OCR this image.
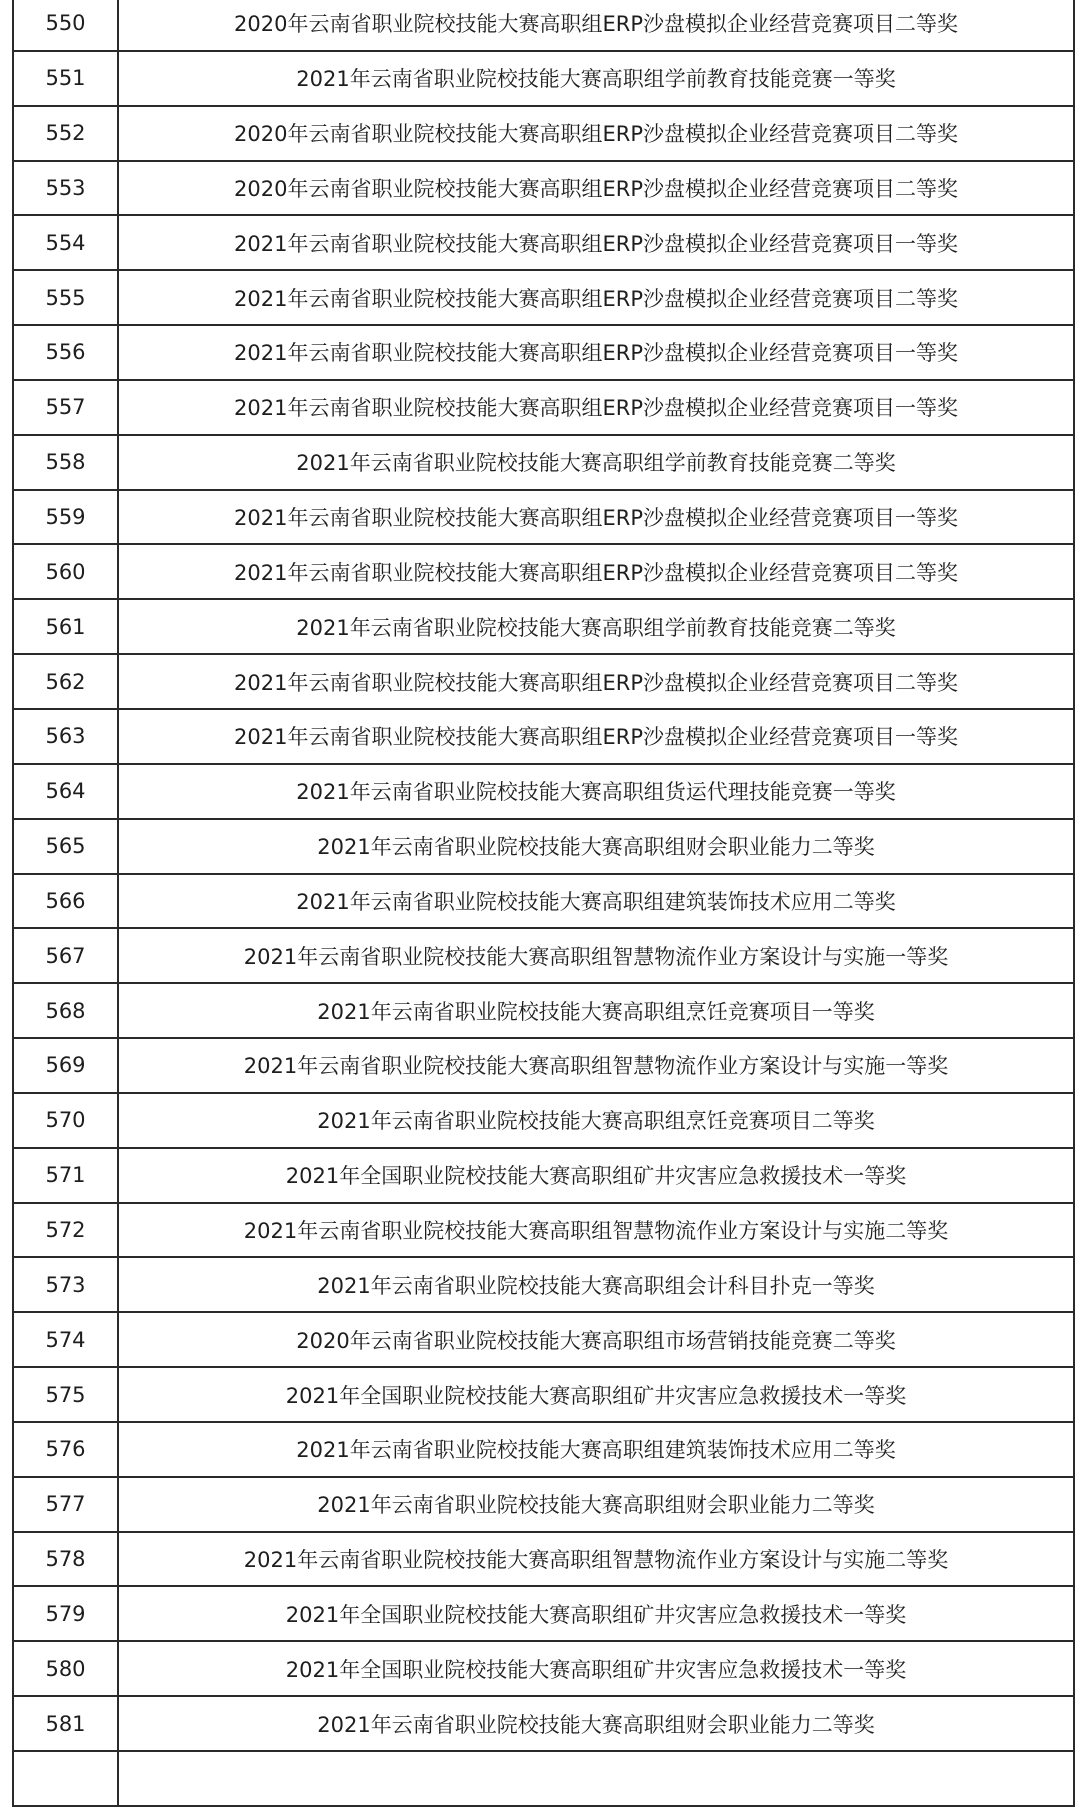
550	2020年云南省职业院校技能大赛高职组ERP沙盘模拟企业经营竞赛项目二等奖
551	2021年云南省职业院校技能大赛高职组学前教育技能竞赛一等奖
552	2020年云南省职业院校技能大赛高职组ERP沙盘模拟企业经营竞赛项目二等奖
553	2020年云南省职业院校技能大赛高职组ERP沙盘模拟企业经营竞赛项目二等奖
554	2021年云南省职业院校技能大赛高职组ERP沙盘模拟企业经营竞赛项目一等奖
555	2021年云南省职业院校技能大赛高职组ERP沙盘模拟企业经营竞赛项目二等奖
556	2021年云南省职业院校技能大赛高职组ERP沙盘模拟企业经营竞赛项目一等奖
557	2021年云南省职业院校技能大赛高职组ERP沙盘模拟企业经营竞赛项目一等奖
558	2021年云南省职业院校技能大赛高职组学前教育技能竞赛二等奖
559	2021年云南省职业院校技能大赛高职组ERP沙盘模拟企业经营竞赛项目一等奖
560	2021年云南省职业院校技能大赛高职组ERP沙盘模拟企业经营竞赛项目二等奖
561	2021年云南省职业院校技能大赛高职组学前教育技能竞赛二等奖
562	2021年云南省职业院校技能大赛高职组ERP沙盘模拟企业经营竞赛项目二等奖
563	2021年云南省职业院校技能大赛高职组ERP沙盘模拟企业经营竞赛项目一等奖
564	2021年云南省职业院校技能大赛高职组货运代理技能竞赛一等奖
565	2021年云南省职业院校技能大赛高职组财会职业能力二等奖
566	2021年云南省职业院校技能大赛高职组建筑装饰技术应用二等奖
567	2021年云南省职业院校技能大赛高职组智慧物流作业方案设计与实施一等奖
568	2021年云南省职业院校技能大赛高职组烹饪竞赛项目一等奖
569	2021年云南省职业院校技能大赛高职组智慧物流作业方案设计与实施一等奖
570	2021年云南省职业院校技能大赛高职组烹饪竞赛项目二等奖
571	2021年全国职业院校技能大赛高职组矿井灾害应急救援技术一等奖
572	2021年云南省职业院校技能大赛高职组智慧物流作业方案设计与实施二等奖
573	2021年云南省职业院校技能大赛高职组会计科目扑克一等奖
574	2020年云南省职业院校技能大赛高职组市场营销技能竞赛二等奖
575	2021年全国职业院校技能大赛高职组矿井灾害应急救援技术一等奖
576	2021年云南省职业院校技能大赛高职组建筑装饰技术应用二等奖
577	2021年云南省职业院校技能大赛高职组财会职业能力二等奖
578	2021年云南省职业院校技能大赛高职组智慧物流作业方案设计与实施二等奖
579	2021年全国职业院校技能大赛高职组矿井灾害应急救援技术一等奖
580	2021年全国职业院校技能大赛高职组矿井灾害应急救援技术一等奖
581	2021年云南省职业院校技能大赛高职组财会职业能力二等奖
